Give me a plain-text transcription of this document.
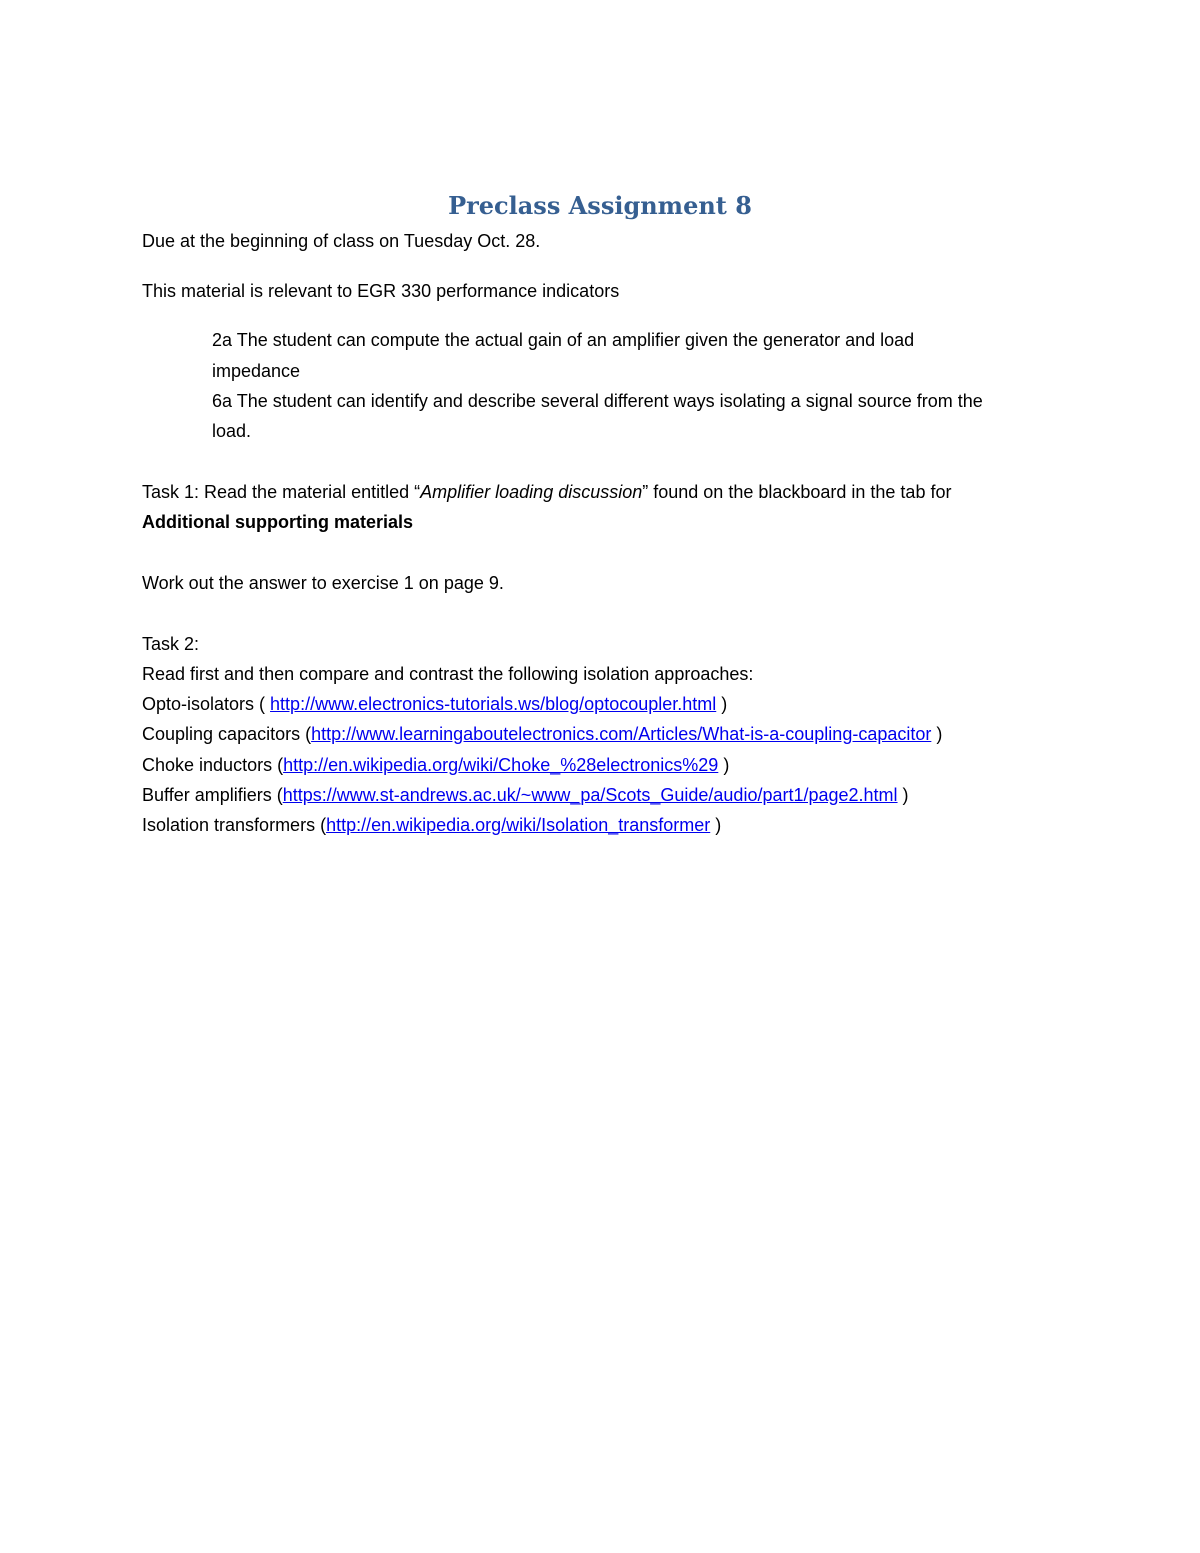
Preclass Assignment 8
Due at the beginning of class on Tuesday Oct. 28.
This material is relevant to EGR 330 performance indicators
2a The student can compute the actual gain of an amplifier given the generator and load
impedance
6a The student can identify and describe several different ways isolating a signal source from the
load.
Task 1: Read the material entitled “Amplifier loading discussion” found on the blackboard in the tab for
Additional supporting materials
Work out the answer to exercise 1 on page 9.
Task 2:
Read first and then compare and contrast the following isolation approaches:
Opto-isolators ( http://www.electronics-tutorials.ws/blog/optocoupler.html )
Coupling capacitors (http://www.learningaboutelectronics.com/Articles/What-is-a-coupling-capacitor )
Choke inductors (http://en.wikipedia.org/wiki/Choke_%28electronics%29 )
Buffer amplifiers (https://www.st-andrews.ac.uk/~www_pa/Scots_Guide/audio/part1/page2.html )
Isolation transformers (http://en.wikipedia.org/wiki/Isolation_transformer )
